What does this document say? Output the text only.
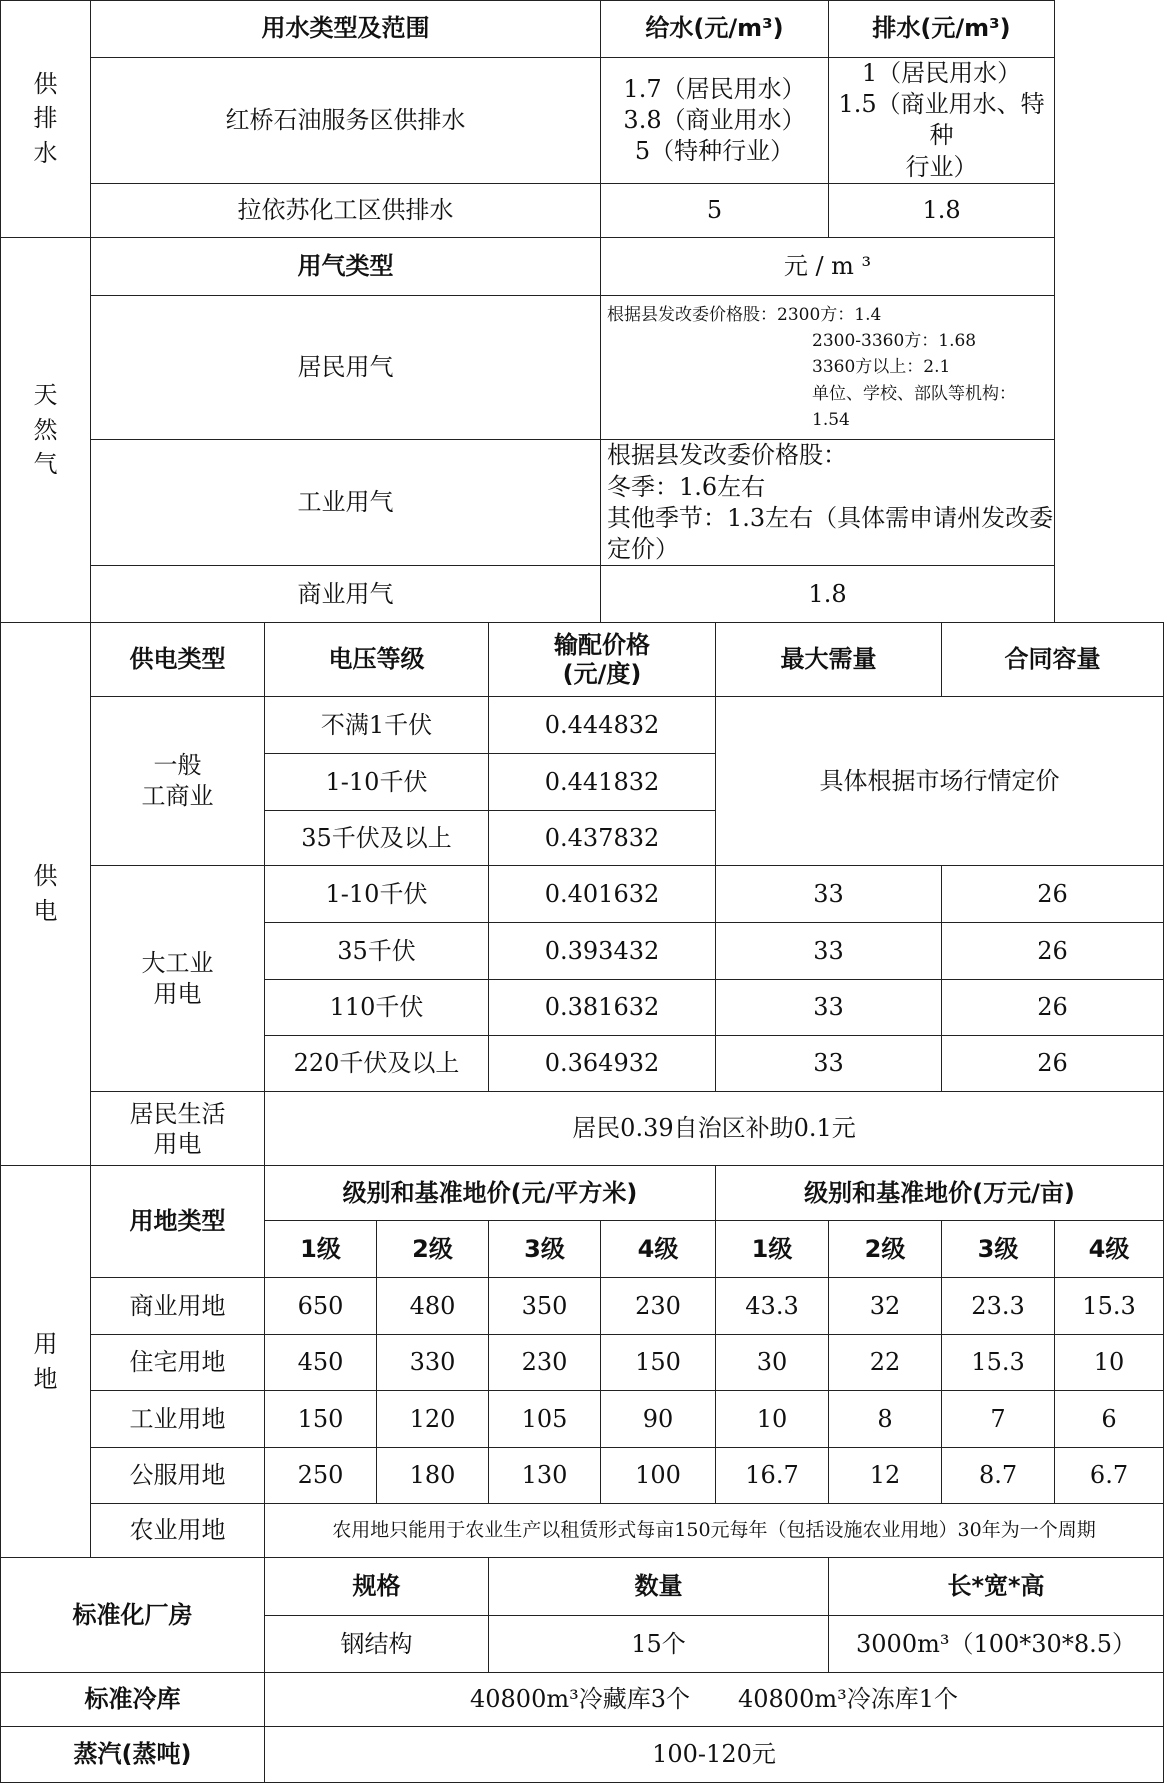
供
排
水	用水类型及范围				给水(元/m³)		排水(元/m³)		
	红桥石油服务区供排水				1.7（居民用水）
3.8（商业用水）
5（特种行业）		1（居民用水）
1.5（商业用水、特种
行业）		
	拉依苏化工区供排水				5		1.8		
天
然
气	用气类型				元 / m ³				
	居民用气				根据县发改委价格股：2300方：1.4
2300-3360方：1.68
3360方以上：2.1
单位、学校、部队等机构：1.54				

	工业用气				根据县发改委价格股：
冬季：1.6左右
其他季节：1.3左右（具体需申请州发改委定价）				

	商业用气				1.8				
供
电	供电类型	电压等级		输配价格
(元/度)		最大需量		合同容量	
	一般
工商业	不满1千伏		0.444832		具体根据市场行情定价			
		1-10千伏		0.441832					
		35千伏及以上		0.437832					
	大工业
用电	1-10千伏		0.401632		33		26	
		35千伏		0.393432		33		26	
		110千伏		0.381632		33		26	
		220千伏及以上		0.364932		33		26	
	居民生活
用电	居民0.39自治区补助0.1元							
用
地	用地类型	级别和基准地价(元/平方米)				级别和基准地价(万元/亩)			
		1级	2级	3级	4级	1级	2级	3级	4级
	商业用地	650	480	350	230	43.3	32	23.3	15.3
	住宅用地	450	330	230	150	30	22	15.3	10
	工业用地	150	120	105	90	10	8	7	6
	公服用地	250	180	130	100	16.7	12	8.7	6.7
	农业用地	农用地只能用于农业生产以租赁形式每亩150元每年（包括设施农业用地）30年为一个周期							
标准化厂房		规格		数量			长*宽*高		
		钢结构		15个			3000m³（100*30*8.5）		
标准冷库		40800m³冷藏库3个　　40800m³冷冻库1个							
蒸汽(蒸吨)		100-120元							
